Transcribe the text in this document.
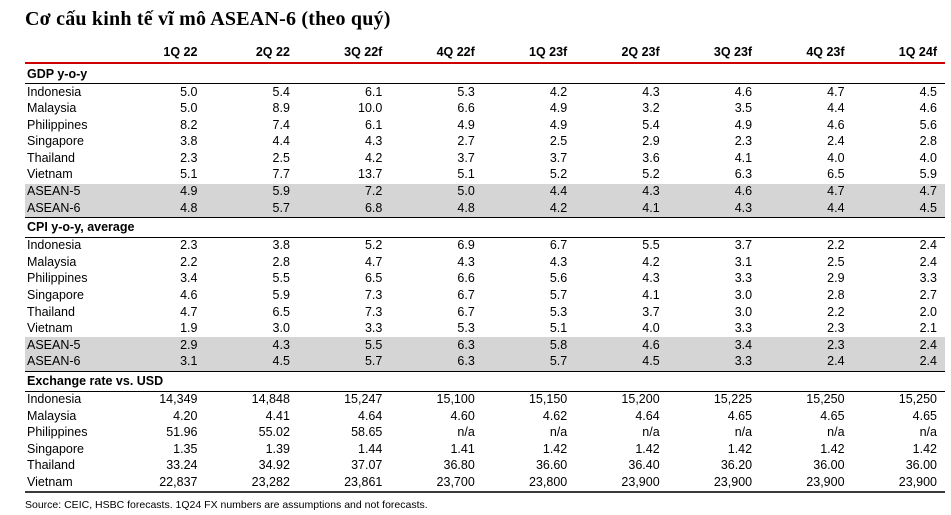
Cơ cấu kinh tế vĩ mô ASEAN-6 (theo quý)
	1Q 22	2Q 22	3Q 22f	4Q 22f	1Q 23f	2Q 23f	3Q 23f	4Q 23f	1Q 24f
GDP y-o-y									
Indonesia	5.0	5.4	6.1	5.3	4.2	4.3	4.6	4.7	4.5
Malaysia	5.0	8.9	10.0	6.6	4.9	3.2	3.5	4.4	4.6
Philippines	8.2	7.4	6.1	4.9	4.9	5.4	4.9	4.6	5.6
Singapore	3.8	4.4	4.3	2.7	2.5	2.9	2.3	2.4	2.8
Thailand	2.3	2.5	4.2	3.7	3.7	3.6	4.1	4.0	4.0
Vietnam	5.1	7.7	13.7	5.1	5.2	5.2	6.3	6.5	5.9
ASEAN-5	4.9	5.9	7.2	5.0	4.4	4.3	4.6	4.7	4.7
ASEAN-6	4.8	5.7	6.8	4.8	4.2	4.1	4.3	4.4	4.5
CPI y-o-y, average									
Indonesia	2.3	3.8	5.2	6.9	6.7	5.5	3.7	2.2	2.4
Malaysia	2.2	2.8	4.7	4.3	4.3	4.2	3.1	2.5	2.4
Philippines	3.4	5.5	6.5	6.6	5.6	4.3	3.3	2.9	3.3
Singapore	4.6	5.9	7.3	6.7	5.7	4.1	3.0	2.8	2.7
Thailand	4.7	6.5	7.3	6.7	5.3	3.7	3.0	2.2	2.0
Vietnam	1.9	3.0	3.3	5.3	5.1	4.0	3.3	2.3	2.1
ASEAN-5	2.9	4.3	5.5	6.3	5.8	4.6	3.4	2.3	2.4
ASEAN-6	3.1	4.5	5.7	6.3	5.7	4.5	3.3	2.4	2.4
Exchange rate vs. USD									
Indonesia	14,349	14,848	15,247	15,100	15,150	15,200	15,225	15,250	15,250
Malaysia	4.20	4.41	4.64	4.60	4.62	4.64	4.65	4.65	4.65
Philippines	51.96	55.02	58.65	n/a	n/a	n/a	n/a	n/a	n/a
Singapore	1.35	1.39	1.44	1.41	1.42	1.42	1.42	1.42	1.42
Thailand	33.24	34.92	37.07	36.80	36.60	36.40	36.20	36.00	36.00
Vietnam	22,837	23,282	23,861	23,700	23,800	23,900	23,900	23,900	23,900
Source: CEIC, HSBC forecasts. 1Q24 FX numbers are assumptions and not forecasts.
